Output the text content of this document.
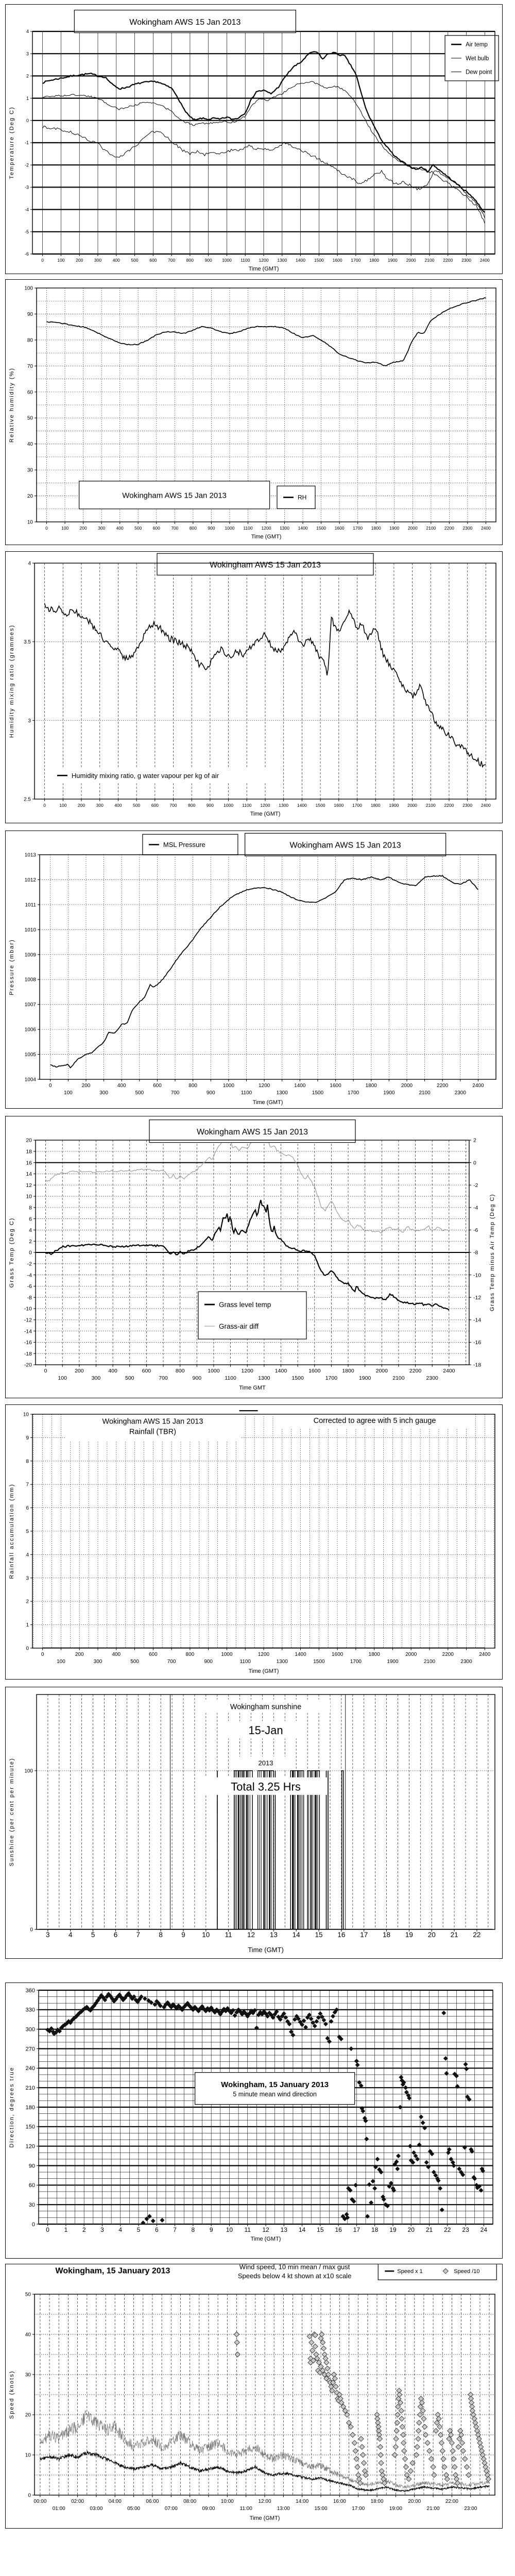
Wokingham AWS 15 Jan 2013
Air temp
Wet bulb
Dew point
0	100	200	300	400	500	600	700	800	900 1000 1100 1200 1300 1400 1500 1600 1700 1800 1900 2000 2100 2200 2300 2400
4
3
2
1
0
-1
-2
-3
-4
-5
-6
Time (GMT)
Temperature (Deg C)
Wokingham AWS 15 Jan 2013	RH
0	100	200	300	400	500	600	700	800	900 1000 1100 1200 1300 1400 1500 1600 1700 1800 1900 2000 2100 2200 2300 2400
10
20
30
40
50
60
70
80
90
100
Time (GMT)
Relative humidity (%)
Wokingham AWS 15 Jan 2013
Humidity mixing ratio, g water vapour per kg of air
0	100	200	300	400	500	600	700	800	900 1000 1100 1200 1300 1400 1500 1600 1700 1800 1900 2000 2100 2200 2300 2400
2.5
3
3.5
4
Time (GMT)
Humidity mixing ratio (grammes)
Wokingham AWS 15 Jan 2013
MSL Pressure
0
100
200
300
400
500
600
700
800
900
1000
1100
1200
1300
1400
1500
1600
1700
1800
1900
2000
2100
2200
2300
2400
1004
1005
1006
1007
1008
1009
1010
1011
1012
1013
Time (GMT)
Pressure (mbar)
Wokingham AWS 15 Jan 2013
Grass level temp
Grass-air diff
0
100
200
300
400
500
600
700
800
900
1000
1100
1200
1300
1400
1500
1600
1700
1800
1900
2000
2100
2200
2300
2400
20
18
16
14
12
10
8
6
4
2
0
-2
-4
-6
-8
-10
-12
-14
-16
-18
-20
2
0
-2
-4
-6
-8
-10
-12
-14
-16
-18
Time GMT
Grass Temp (Deg C)	Grass Temp minus Air Temp (Deg C)
Wokingham AWS 15 Jan 2013
Rainfall (TBR)
Corrected to agree with 5 inch gauge
0
100
200
300
400
500
600
700
800
900
1000
1100
1200
1300
1400
1500
1600
1700
1800
1900
2000
2100
2200
2300
2400
0
1
2
3
4
5
6
7
8
9
10
Time (GMT)
Rainfall accumulation (mm)
Wokingham sunshine
15-Jan
2013
Total 3.25 Hrs
3	4	5	6	7	8	9 10 11 12 13 14 15 16 17 18 19 20 21 22
0
100
Time (GMT)
Sunshine (per cent per minute)
Wokingham, 15 January 2013
5 minute mean wind direction
0 1 2 3 4 5 6 7 8 9 10 11 12 13 14 15 16 17 18 19 20 21 22 23 24
360
330
300
270
240
210
180
150
120
90
60
30
0
Time (GMT)
Direction, degrees true
Wokingham, 15 January 2013	Wind speed, 10 min mean / max gust
Speeds below 4 kt shown at x10 scale
Speed x 1	Speed /10
00:00
01:00
02:00
03:00
04:00
05:00
06:00
07:00
08:00
09:00
10:00
11:00
12:00
13:00
14:00
15:00
16:00
17:00
18:00
19:00
20:00
21:00
22:00
23:00
0
10
20
30
40
50
Time (GMT)
Speed (knots)
